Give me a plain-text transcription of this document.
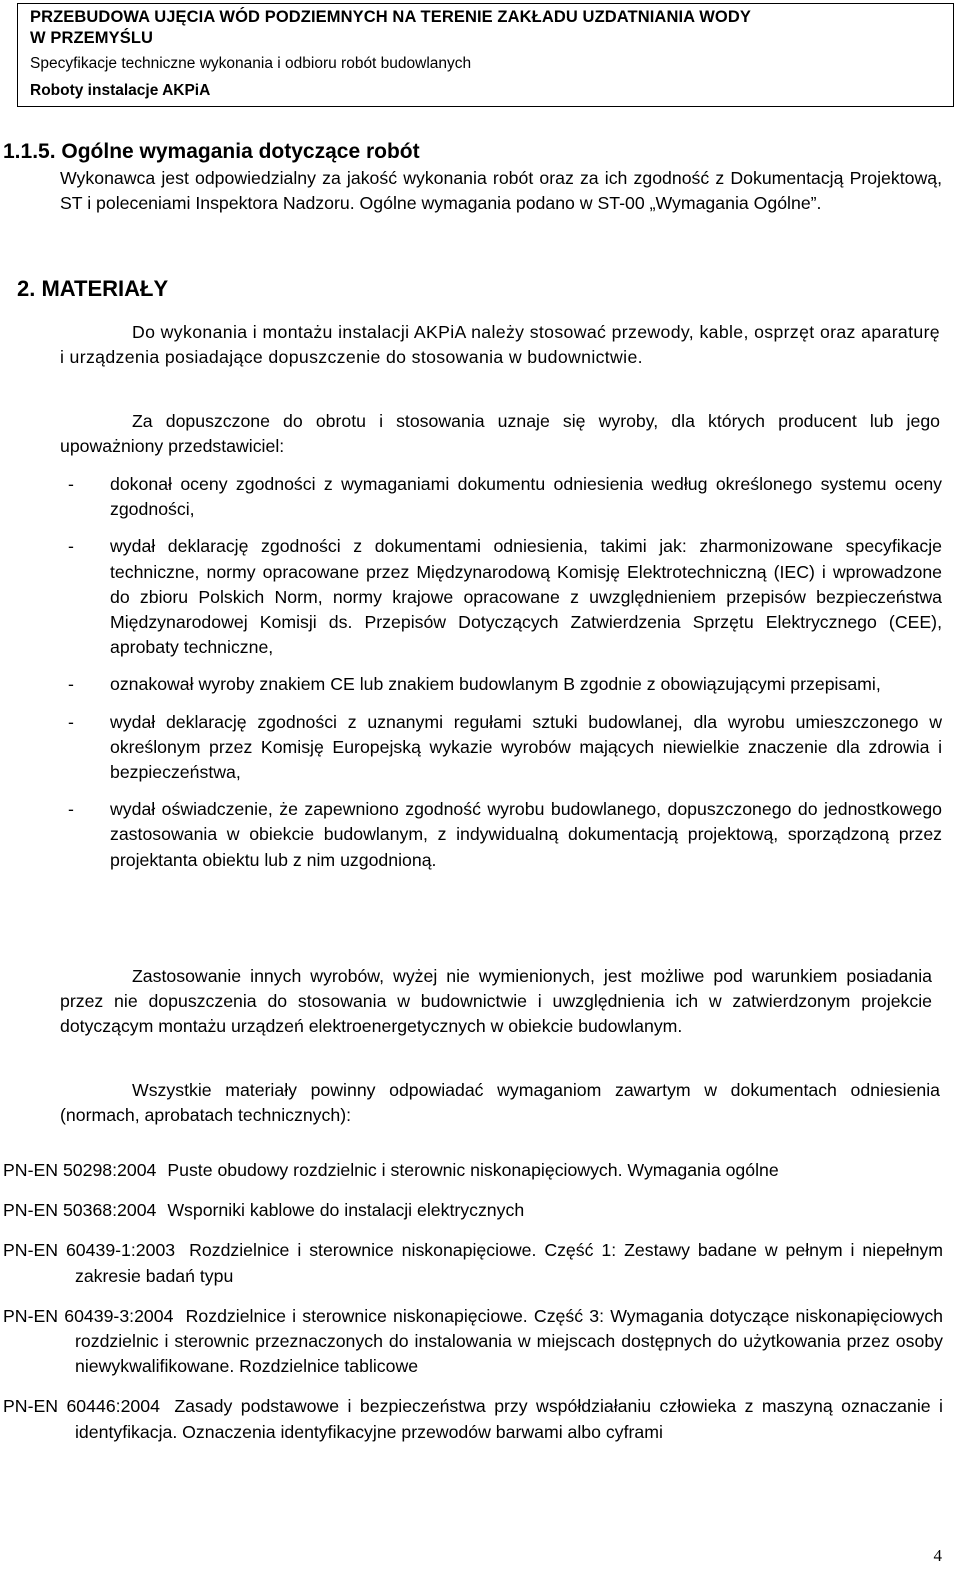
PRZEBUDOWA UJĘCIA WÓD PODZIEMNYCH NA TERENIE ZAKŁADU UZDATNIANIA WODY
W PRZEMYŚLU
Specyfikacje techniczne wykonania i odbioru robót budowlanych
Roboty instalacje AKPiA
1.1.5. Ogólne wymagania dotyczące robót
Wykonawca jest odpowiedzialny za jakość wykonania robót oraz za ich zgodność z Dokumentacją Projektową, ST i poleceniami Inspektora Nadzoru. Ogólne wymagania podano w ST-00 „Wymagania Ogólne”.
2. MATERIAŁY
Do wykonania i montażu instalacji AKPiA należy stosować przewody, kable, osprzęt oraz aparaturę i urządzenia posiadające dopuszczenie do stosowania w budownictwie.
Za dopuszczone do obrotu i stosowania uznaje się wyroby, dla których producent lub jego upoważniony przedstawiciel:
-	dokonał oceny zgodności z wymaganiami dokumentu odniesienia według określonego systemu oceny zgodności,
-	wydał deklarację zgodności z dokumentami odniesienia, takimi jak: zharmonizowane specyfikacje techniczne, normy opracowane przez Międzynarodową Komisję Elektrotechniczną (IEC) i wprowadzone do zbioru Polskich Norm, normy krajowe opracowane z uwzględnieniem przepisów bezpieczeństwa Międzynarodowej Komisji ds. Przepisów Dotyczących Zatwierdzenia Sprzętu Elektrycznego (CEE), aprobaty techniczne,
-	oznakował wyroby znakiem CE lub znakiem budowlanym B zgodnie z obowiązującymi przepisami,
-	wydał deklarację zgodności z uznanymi regułami sztuki budowlanej, dla wyrobu umieszczonego w określonym przez Komisję Europejską wykazie wyrobów mających niewielkie znaczenie dla zdrowia i bezpieczeństwa,
-	wydał oświadczenie, że zapewniono zgodność wyrobu budowlanego, dopuszczonego do jednostkowego zastosowania w obiekcie budowlanym, z indywidualną dokumentacją projektową, sporządzoną przez projektanta obiektu lub z nim uzgodnioną.
Zastosowanie innych wyrobów, wyżej nie wymienionych, jest możliwe pod warunkiem posiadania przez nie dopuszczenia do stosowania w budownictwie i uwzględnienia ich w zatwierdzonym projekcie dotyczącym montażu urządzeń elektroenergetycznych w obiekcie budowlanym.
Wszystkie materiały powinny odpowiadać wymaganiom zawartym w dokumentach odniesienia (normach, aprobatach technicznych):
PN-EN 50298:2004 Puste obudowy rozdzielnic i sterownic niskonapięciowych. Wymagania ogólne
PN-EN 50368:2004 Wsporniki kablowe do instalacji elektrycznych
PN-EN 60439-1:2003 Rozdzielnice i sterownice niskonapięciowe. Część 1: Zestawy badane w pełnym i niepełnym zakresie badań typu
PN-EN 60439-3:2004 Rozdzielnice i sterownice niskonapięciowe. Część 3: Wymagania dotyczące niskonapięciowych rozdzielnic i sterownic przeznaczonych do instalowania w miejscach dostępnych do użytkowania przez osoby niewykwalifikowane. Rozdzielnice tablicowe
PN-EN 60446:2004 Zasady podstawowe i bezpieczeństwa przy współdziałaniu człowieka z maszyną oznaczanie i identyfikacja. Oznaczenia identyfikacyjne przewodów barwami albo cyframi
4
